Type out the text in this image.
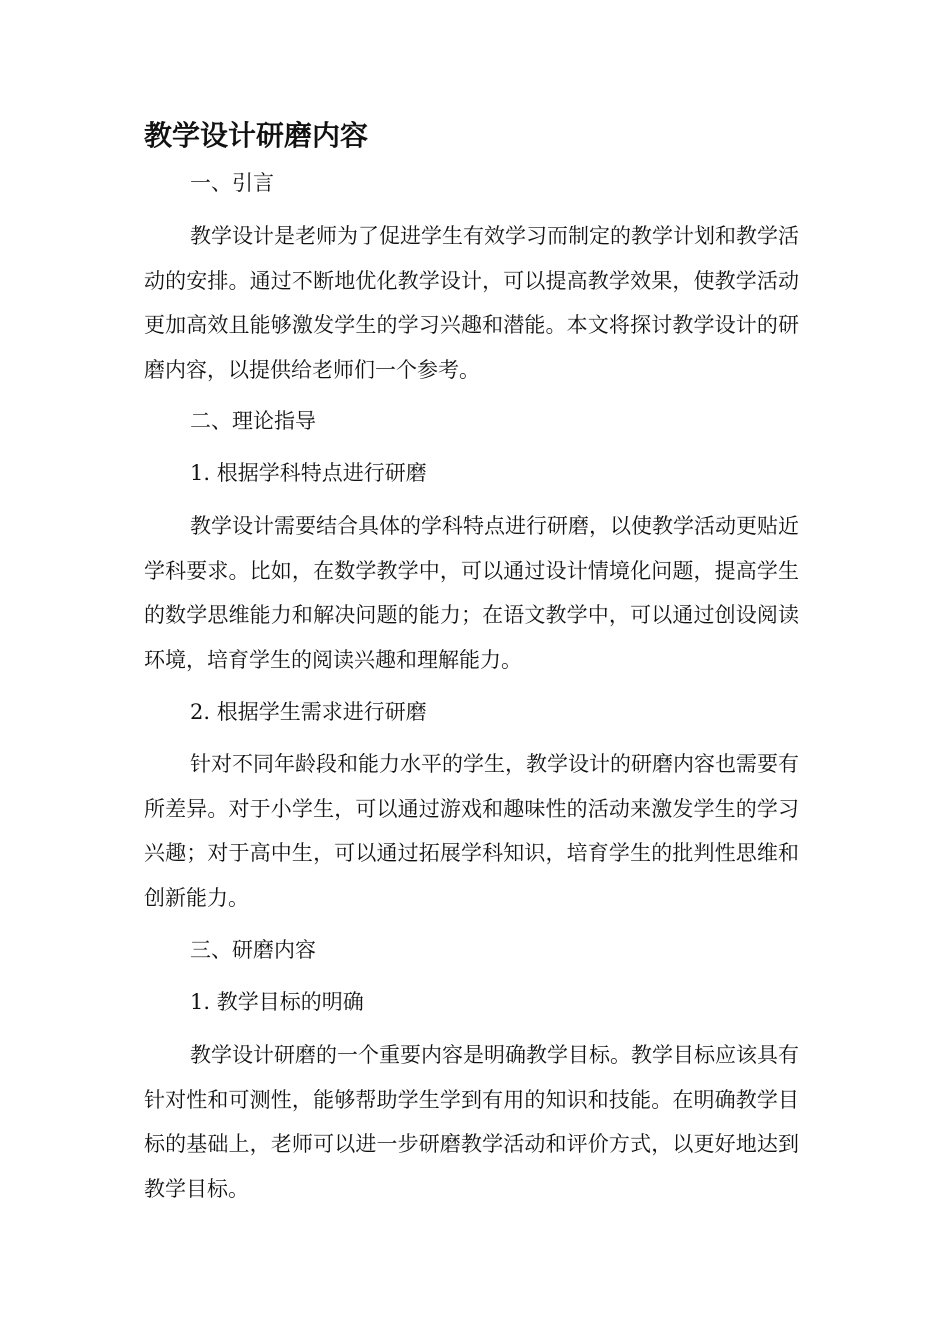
教学设计研磨内容

一、引言

教学设计是老师为了促进学生有效学习而制定的教学计划和教学活动的安排。通过不断地优化教学设计，可以提高教学效果，使教学活动更加高效且能够激发学生的学习兴趣和潜能。本文将探讨教学设计的研磨内容，以提供给老师们一个参考。

二、理论指导

1. 根据学科特点进行研磨

教学设计需要结合具体的学科特点进行研磨，以使教学活动更贴近学科要求。比如，在数学教学中，可以通过设计情境化问题，提高学生的数学思维能力和解决问题的能力；在语文教学中，可以通过创设阅读环境，培育学生的阅读兴趣和理解能力。

2. 根据学生需求进行研磨

针对不同年龄段和能力水平的学生，教学设计的研磨内容也需要有所差异。对于小学生，可以通过游戏和趣味性的活动来激发学生的学习兴趣；对于高中生，可以通过拓展学科知识，培育学生的批判性思维和创新能力。

三、研磨内容

1. 教学目标的明确

教学设计研磨的一个重要内容是明确教学目标。教学目标应该具有针对性和可测性，能够帮助学生学到有用的知识和技能。在明确教学目标的基础上，老师可以进一步研磨教学活动和评价方式，以更好地达到教学目标。
